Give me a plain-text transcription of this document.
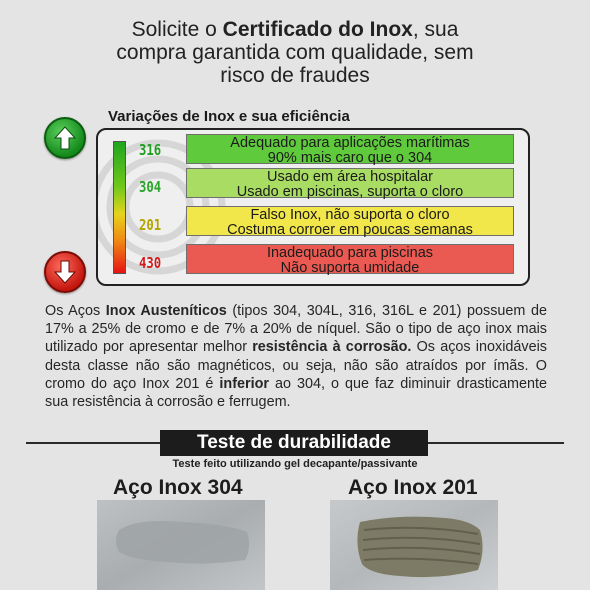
Solicite o Certificado do Inox, sua
compra garantida com qualidade, sem
risco de fraudes
Variações de Inox e sua eficiência
316
304
201
430
Adequado para aplicações marítimas
90% mais caro que o 304
Usado em área hospitalar
Usado em piscinas, suporta o cloro
Falso Inox, não suporta o cloro
Costuma corroer em poucas semanas
Inadequado para piscinas
Não suporta umidade
Os Aços Inox Austeníticos (tipos 304, 304L, 316, 316L e 201) possuem de 17% a 25% de cromo e de 7% a 20% de níquel. São o tipo de aço inox mais utilizado por apresentar melhor resistência à corrosão. Os aços inoxidáveis desta classe não são magnéticos, ou seja, não são atraídos por ímãs. O cromo do aço Inox 201 é inferior ao 304, o que faz diminuir drasticamente sua resistência à corrosão e ferrugem.
Teste de durabilidade
Teste feito utilizando gel decapante/passivante
Aço Inox 304	Aço Inox 201
